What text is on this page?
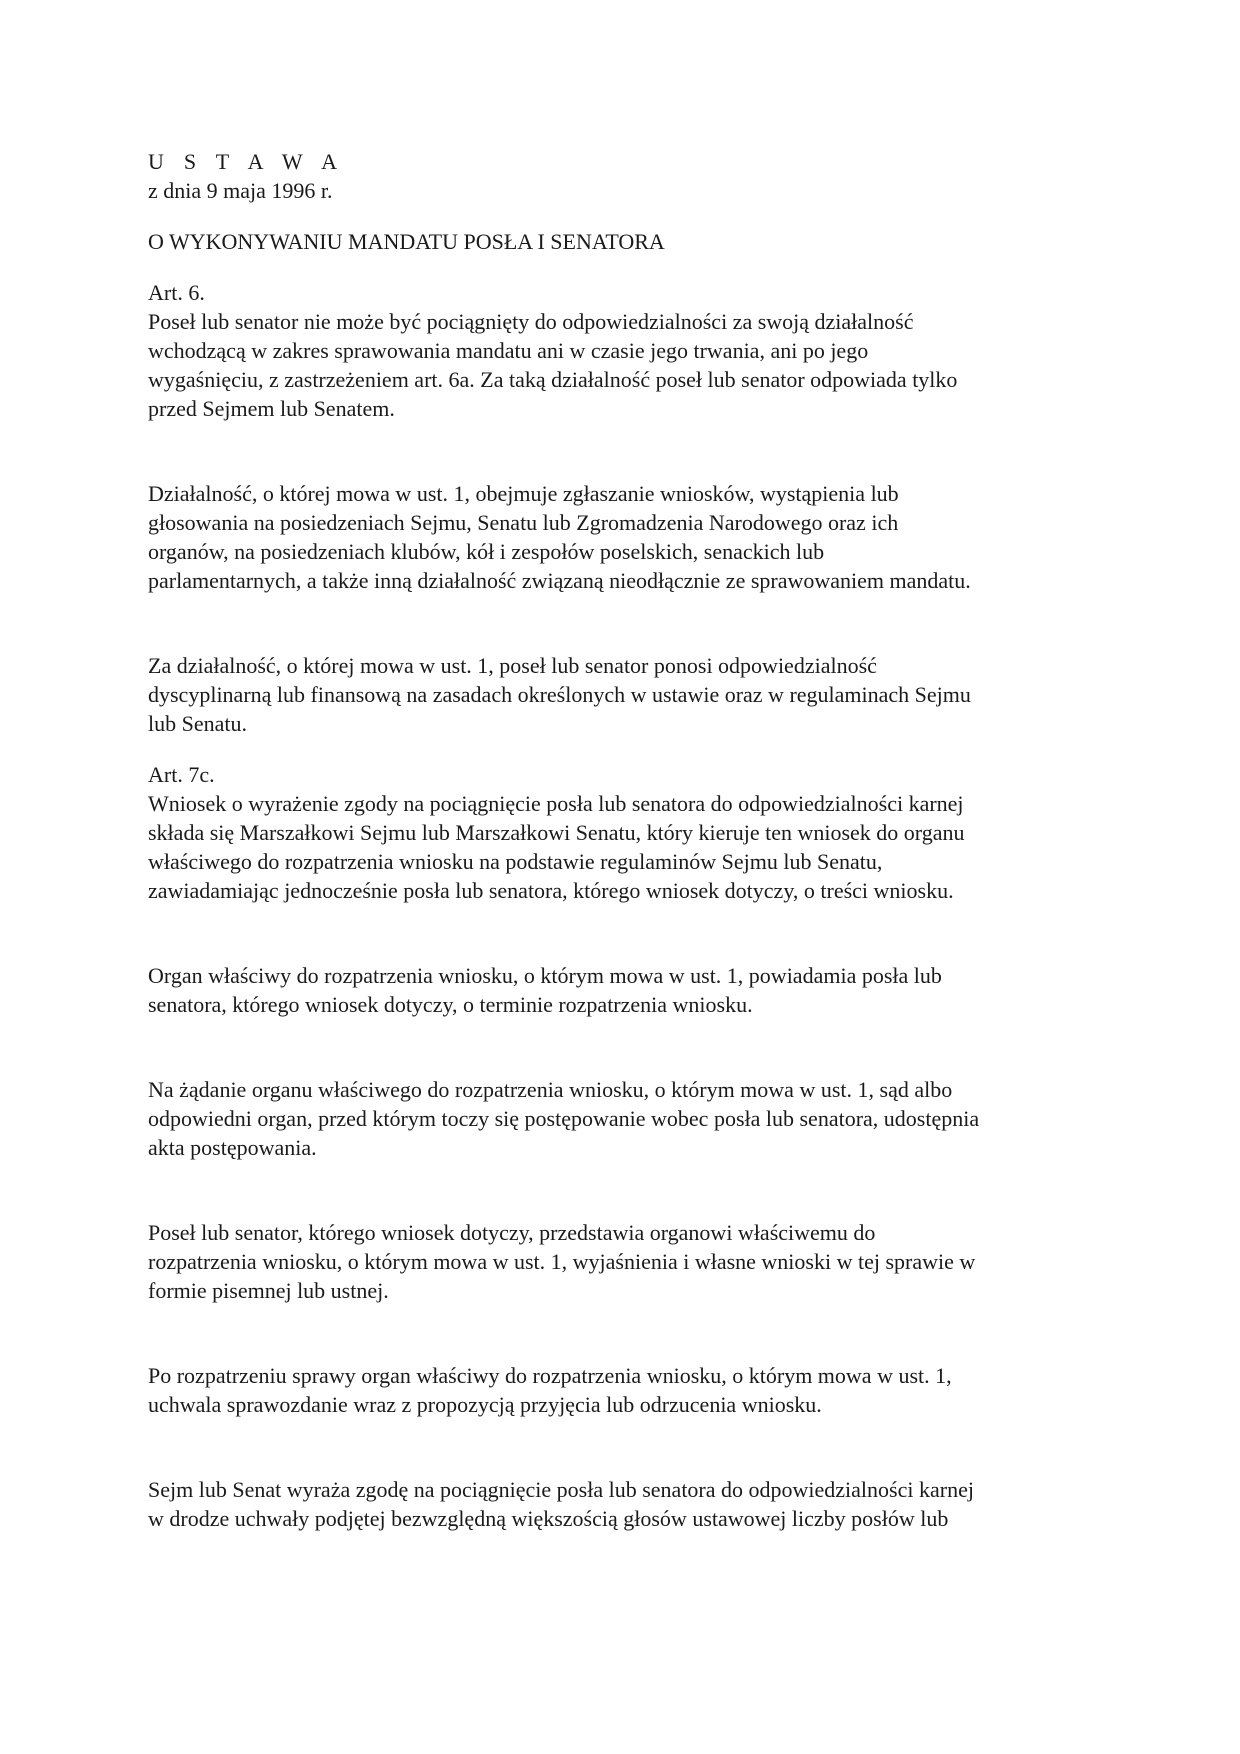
U S T A W A
z dnia 9 maja 1996 r.
O WYKONYWANIU MANDATU POSŁA I SENATORA
Art. 6.
Poseł lub senator nie może być pociągnięty do odpowiedzialności za swoją działalność
wchodzącą w zakres sprawowania mandatu ani w czasie jego trwania, ani po jego
wygaśnięciu, z zastrzeżeniem art. 6a. Za taką działalność poseł lub senator odpowiada tylko
przed Sejmem lub Senatem.
Działalność, o której mowa w ust. 1, obejmuje zgłaszanie wniosków, wystąpienia lub
głosowania na posiedzeniach Sejmu, Senatu lub Zgromadzenia Narodowego oraz ich
organów, na posiedzeniach klubów, kół i zespołów poselskich, senackich lub
parlamentarnych, a także inną działalność związaną nieodłącznie ze sprawowaniem mandatu.
Za działalność, o której mowa w ust. 1, poseł lub senator ponosi odpowiedzialność
dyscyplinarną lub finansową na zasadach określonych w ustawie oraz w regulaminach Sejmu
lub Senatu.
Art. 7c.
Wniosek o wyrażenie zgody na pociągnięcie posła lub senatora do odpowiedzialności karnej
składa się Marszałkowi Sejmu lub Marszałkowi Senatu, który kieruje ten wniosek do organu
właściwego do rozpatrzenia wniosku na podstawie regulaminów Sejmu lub Senatu,
zawiadamiając jednocześnie posła lub senatora, którego wniosek dotyczy, o treści wniosku.
Organ właściwy do rozpatrzenia wniosku, o którym mowa w ust. 1, powiadamia posła lub
senatora, którego wniosek dotyczy, o terminie rozpatrzenia wniosku.
Na żądanie organu właściwego do rozpatrzenia wniosku, o którym mowa w ust. 1, sąd albo
odpowiedni organ, przed którym toczy się postępowanie wobec posła lub senatora, udostępnia
akta postępowania.
Poseł lub senator, którego wniosek dotyczy, przedstawia organowi właściwemu do
rozpatrzenia wniosku, o którym mowa w ust. 1, wyjaśnienia i własne wnioski w tej sprawie w
formie pisemnej lub ustnej.
Po rozpatrzeniu sprawy organ właściwy do rozpatrzenia wniosku, o którym mowa w ust. 1,
uchwala sprawozdanie wraz z propozycją przyjęcia lub odrzucenia wniosku.
Sejm lub Senat wyraża zgodę na pociągnięcie posła lub senatora do odpowiedzialności karnej
w drodze uchwały podjętej bezwzględną większością głosów ustawowej liczby posłów lub
